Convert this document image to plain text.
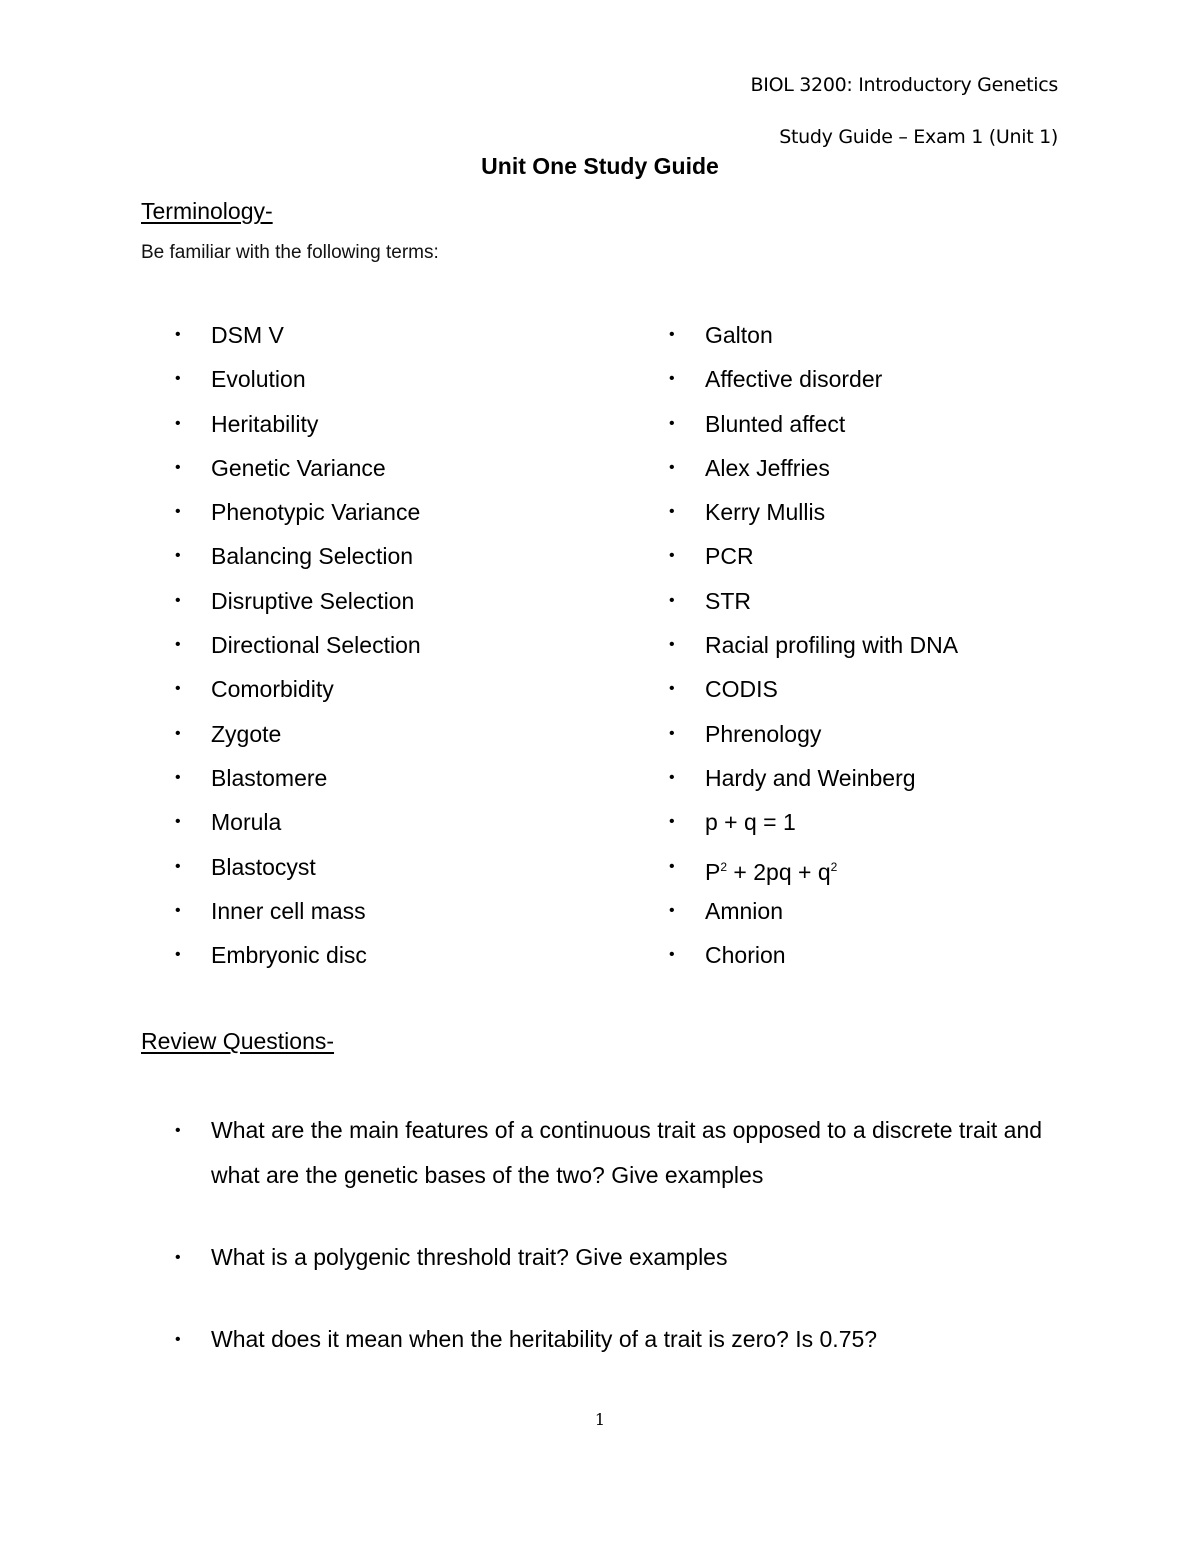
BIOL 3200: Introductory Genetics
Study Guide – Exam 1 (Unit 1)
Unit One Study Guide
Terminology-
Be familiar with the following terms:
•	DSM V
•	Evolution
•	Heritability
•	Genetic Variance
•	Phenotypic Variance
•	Balancing Selection
•	Disruptive Selection
•	Directional Selection
•	Comorbidity
•	Zygote
•	Blastomere
•	Morula
•	Blastocyst
•	Inner cell mass
•	Embryonic disc
•	Galton
•	Affective disorder
•	Blunted affect
•	Alex Jeffries
•	Kerry Mullis
•	PCR
•	STR
•	Racial profiling with DNA
•	CODIS
•	Phrenology
•	Hardy and Weinberg
•	p + q = 1
•	$P^2 + 2pq + q^2$
•	Amnion
•	Chorion
Review Questions-
•	What are the main features of a continuous trait as opposed to a discrete trait and what are the genetic bases of the two? Give examples
•	What is a polygenic threshold trait? Give examples
•	What does it mean when the heritability of a trait is zero? Is 0.75?
1
